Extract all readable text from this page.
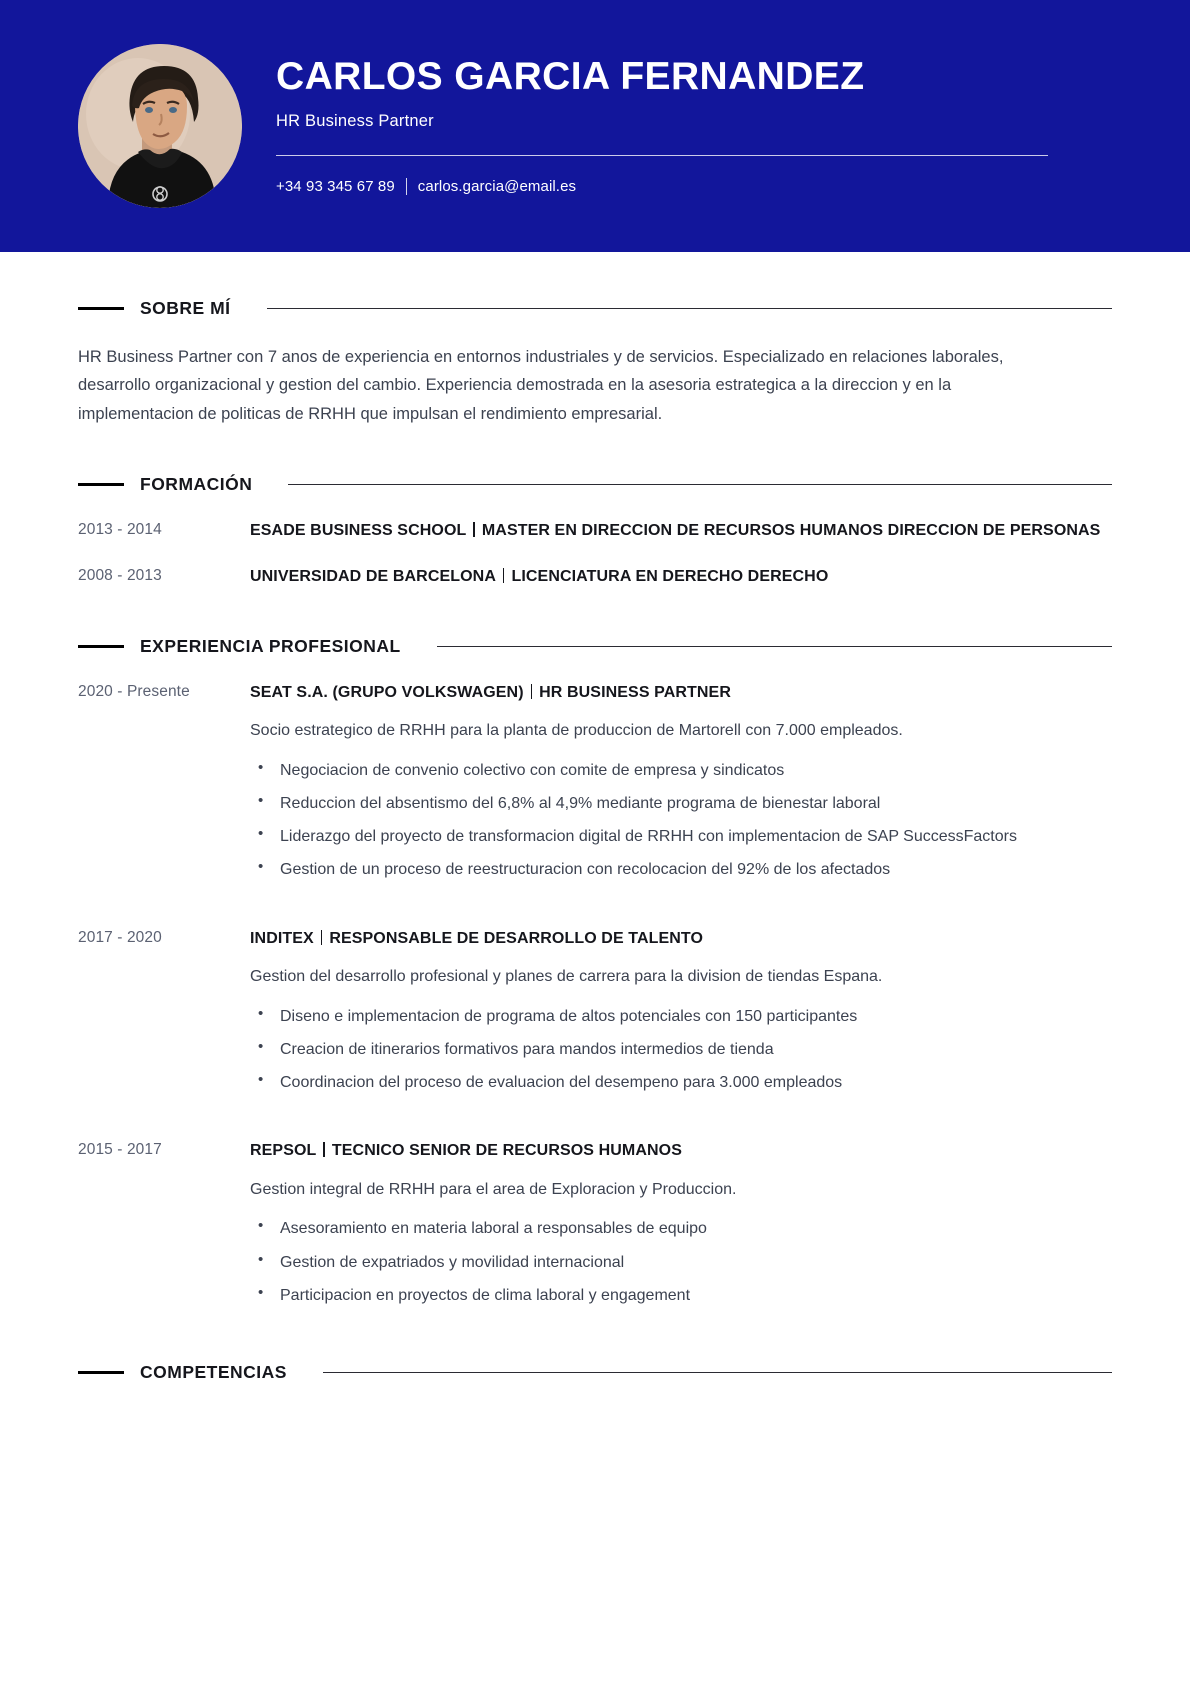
CARLOS GARCIA FERNANDEZ
HR Business Partner
+34 93 345 67 89 carlos.garcia@email.es
SOBRE MÍ

HR Business Partner con 7 anos de experiencia en entornos industriales y de servicios. Especializado en relaciones laborales, desarrollo organizacional y gestion del cambio. Experiencia demostrada en la asesoria estrategica a la direccion y en la implementacion de politicas de RRHH que impulsan el rendimiento empresarial.

FORMACIÓN
2013 - 2014	ESADE BUSINESS SCHOOL MASTER EN DIRECCION DE RECURSOS HUMANOS DIRECCION DE PERSONAS
2008 - 2013	UNIVERSIDAD DE BARCELONA LICENCIATURA EN DERECHO DERECHO
EXPERIENCIA PROFESIONAL
2020 - Presente	SEAT S.A. (GRUPO VOLKSWAGEN) HR BUSINESS PARTNER
Socio estrategico de RRHH para la planta de produccion de Martorell con 7.000 empleados.
• Negociacion de convenio colectivo con comite de empresa y sindicatos
• Reduccion del absentismo del 6,8% al 4,9% mediante programa de bienestar laboral
• Liderazgo del proyecto de transformacion digital de RRHH con implementacion de SAP SuccessFactors
• Gestion de un proceso de reestructuracion con recolocacion del 92% de los afectados
2017 - 2020	INDITEX RESPONSABLE DE DESARROLLO DE TALENTO
Gestion del desarrollo profesional y planes de carrera para la division de tiendas Espana.
• Diseno e implementacion de programa de altos potenciales con 150 participantes
• Creacion de itinerarios formativos para mandos intermedios de tienda
• Coordinacion del proceso de evaluacion del desempeno para 3.000 empleados
2015 - 2017	REPSOL TECNICO SENIOR DE RECURSOS HUMANOS
Gestion integral de RRHH para el area de Exploracion y Produccion.
• Asesoramiento en materia laboral a responsables de equipo
• Gestion de expatriados y movilidad internacional
• Participacion en proyectos de clima laboral y engagement
COMPETENCIAS
